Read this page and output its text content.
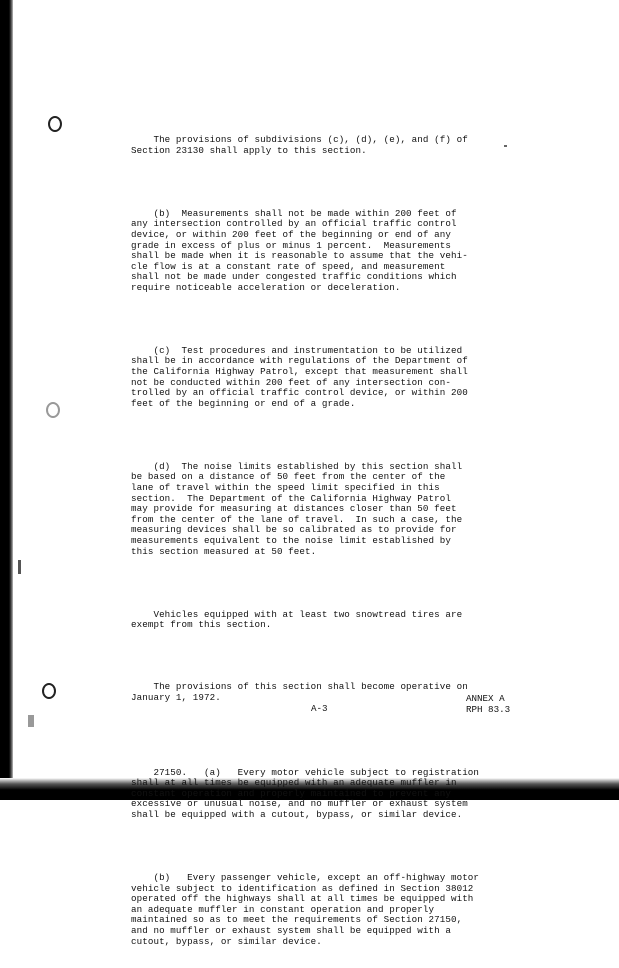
The provisions of subdivisions (c), (d), (e), and (f) of
Section 23130 shall apply to this section.

(b)  Measurements shall not be made within 200 feet of
any intersection controlled by an official traffic control
device, or within 200 feet of the beginning or end of any
grade in excess of plus or minus 1 percent.  Measurements
shall be made when it is reasonable to assume that the vehi-
cle flow is at a constant rate of speed, and measurement
shall not be made under congested traffic conditions which
require noticeable acceleration or deceleration.

(c)  Test procedures and instrumentation to be utilized
shall be in accordance with regulations of the Department of
the California Highway Patrol, except that measurement shall
not be conducted within 200 feet of any intersection con-
trolled by an official traffic control device, or within 200
feet of the beginning or end of a grade.

(d)  The noise limits established by this section shall
be based on a distance of 50 feet from the center of the
lane of travel within the speed limit specified in this
section.  The Department of the California Highway Patrol
may provide for measuring at distances closer than 50 feet
from the center of the lane of travel.  In such a case, the
measuring devices shall be so calibrated as to provide for
measurements equivalent to the noise limit established by
this section measured at 50 feet.

Vehicles equipped with at least two snowtread tires are
exempt from this section.

The provisions of this section shall become operative on
January 1, 1972.

27150.   (a)   Every motor vehicle subject to registration
shall at all times be equipped with an adequate muffler in
constant operation and properly maintained to prevent any
excessive or unusual noise, and no muffler or exhaust system
shall be equipped with a cutout, bypass, or similar device.

(b)   Every passenger vehicle, except an off-highway motor
vehicle subject to identification as defined in Section 38012
operated off the highways shall at all times be equipped with
an adequate muffler in constant operation and properly
maintained so as to meet the requirements of Section 27150,
and no muffler or exhaust system shall be equipped with a
cutout, bypass, or similar device.

A-3
ANNEX A
RPH 83.3
